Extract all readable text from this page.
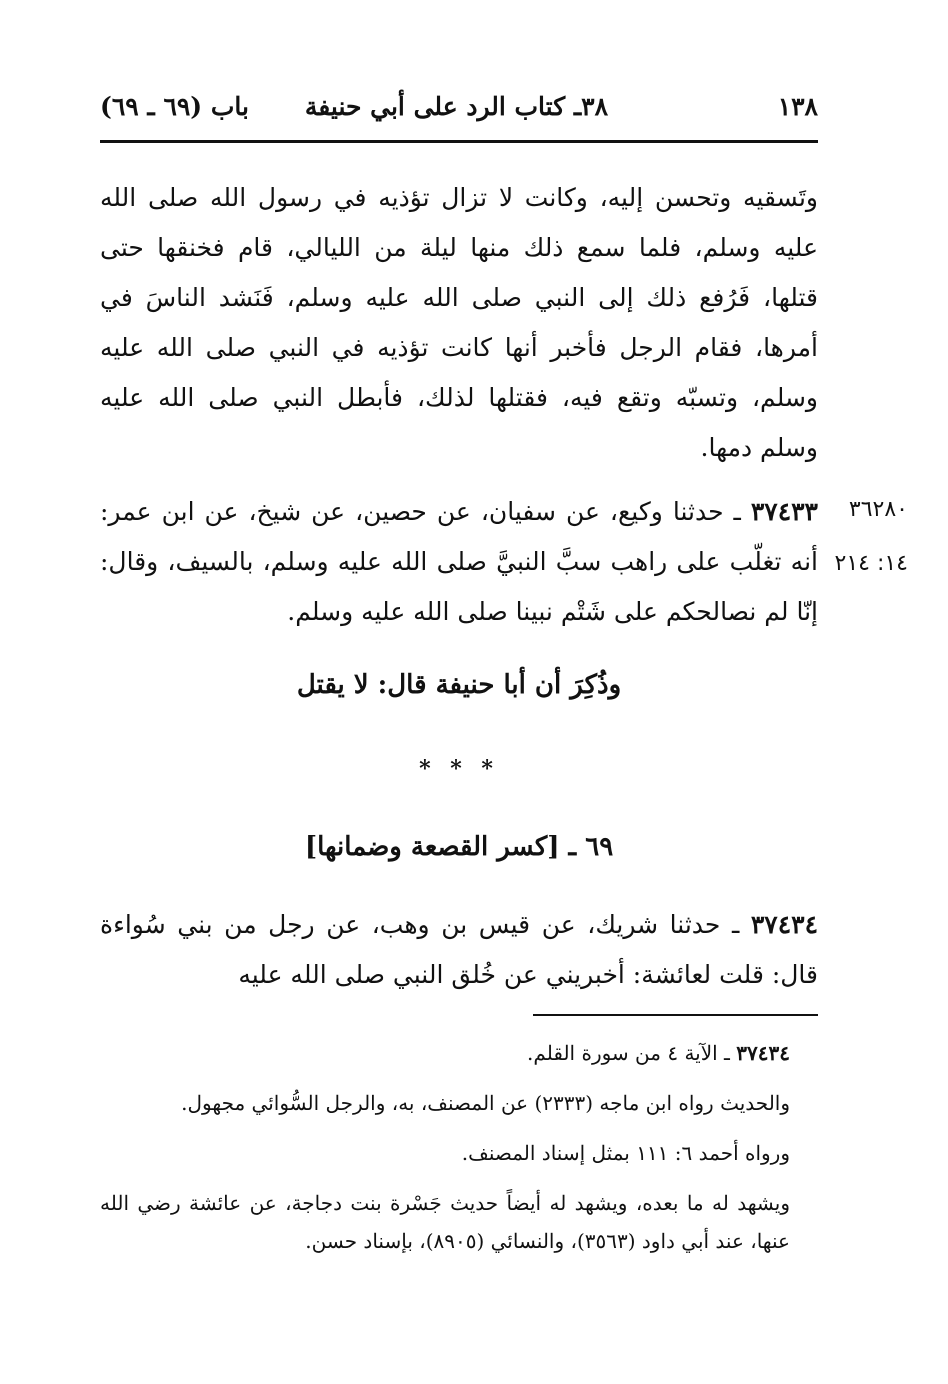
١٣٨
٣٨ـ كتاب الرد على أبي حنيفة
باب (٦٩ ـ ٦٩)
وتَسقيه وتحسن إليه، وكانت لا تزال تؤذيه في رسول الله صلى الله عليه وسلم، فلما سمع ذلك منها ليلة من الليالي، قام فخنقها حتى قتلها، فَرُفع ذلك إلى النبي صلى الله عليه وسلم، فَنَشد الناسَ في أمرها، فقام الرجل فأخبر أنها كانت تؤذيه في النبي صلى الله عليه وسلم، وتسبّه وتقع فيه، فقتلها لذلك، فأبطل النبي صلى الله عليه وسلم دمها.
٣٦٢٨٠
١٤: ٢١٤
٣٧٤٣٣ ـ حدثنا وكيع، عن سفيان، عن حصين، عن شيخ، عن ابن عمر: أنه تغلّب على راهب سبَّ النبيَّ صلى الله عليه وسلم، بالسيف، وقال: إنّا لم نصالحكم على شَتْم نبينا صلى الله عليه وسلم.
وذُكِرَ أن أبا حنيفة قال: لا يقتل
* * *
٦٩ ـ [كسر القصعة وضمانها]
٣٧٤٣٤ ـ حدثنا شريك، عن قيس بن وهب، عن رجل من بني سُواءة قال: قلت لعائشة: أخبريني عن خُلق النبي صلى الله عليه

٣٧٤٣٤ ـ الآية ٤ من سورة القلم.

والحديث رواه ابن ماجه (٢٣٣٣) عن المصنف، به، والرجل السُّوائي مجهول.

ورواه أحمد ٦: ١١١ بمثل إسناد المصنف.

ويشهد له ما بعده، ويشهد له أيضاً حديث جَسْرة بنت دجاجة، عن عائشة رضي الله عنها، عند أبي داود (٣٥٦٣)، والنسائي (٨٩٠٥)، بإسناد حسن.
